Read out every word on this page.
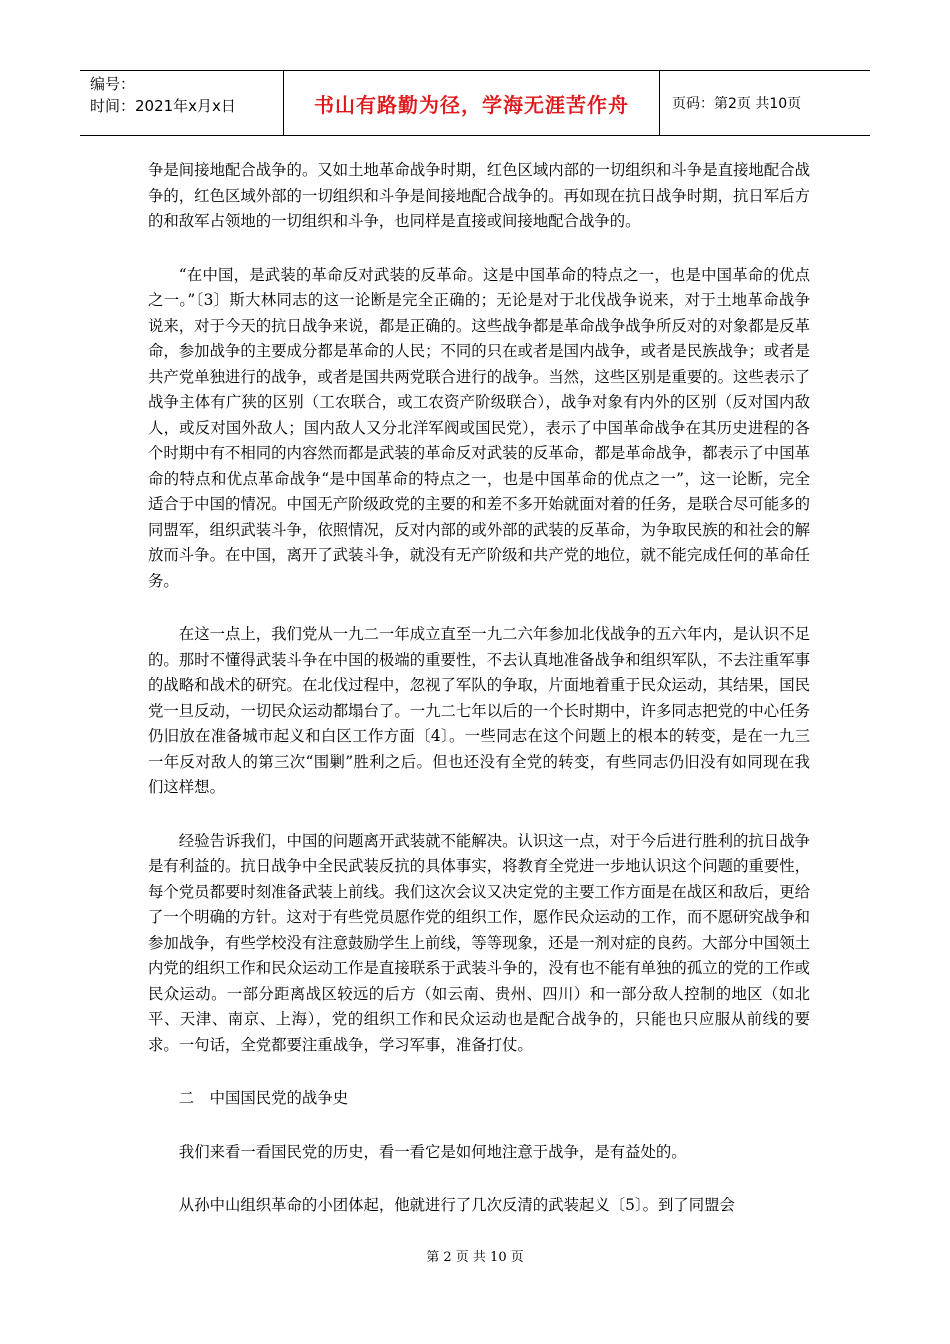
编号：
时间：2021年x月x日	书山有路勤为径，学海无涯苦作舟	页码：第2页 共10页

争是间接地配合战争的。又如土地革命战争时期，红色区域内部的一切组织和斗争是直接地配合战争的，红色区域外部的一切组织和斗争是间接地配合战争的。再如现在抗日战争时期，抗日军后方的和敌军占领地的一切组织和斗争，也同样是直接或间接地配合战争的。

“在中国，是武装的革命反对武装的反革命。这是中国革命的特点之一，也是中国革命的优点之一。”〔3〕斯大林同志的这一论断是完全正确的；无论是对于北伐战争说来，对于土地革命战争说来，对于今天的抗日战争来说，都是正确的。这些战争都是革命战争战争所反对的对象都是反革命，参加战争的主要成分都是革命的人民；不同的只在或者是国内战争，或者是民族战争；或者是共产党单独进行的战争，或者是国共两党联合进行的战争。当然，这些区别是重要的。这些表示了战争主体有广狭的区别（工农联合，或工农资产阶级联合），战争对象有内外的区别（反对国内敌人，或反对国外敌人；国内敌人又分北洋军阀或国民党），表示了中国革命战争在其历史进程的各个时期中有不相同的内容然而都是武装的革命反对武装的反革命，都是革命战争，都表示了中国革命的特点和优点革命战争“是中国革命的特点之一，也是中国革命的优点之一”，这一论断，完全适合于中国的情况。中国无产阶级政党的主要的和差不多开始就面对着的任务，是联合尽可能多的同盟军，组织武装斗争，依照情况，反对内部的或外部的武装的反革命，为争取民族的和社会的解放而斗争。在中国，离开了武装斗争，就没有无产阶级和共产党的地位，就不能完成任何的革命任务。

在这一点上，我们党从一九二一年成立直至一九二六年参加北伐战争的五六年内，是认识不足的。那时不懂得武装斗争在中国的极端的重要性，不去认真地准备战争和组织军队，不去注重军事的战略和战术的研究。在北伐过程中，忽视了军队的争取，片面地着重于民众运动，其结果，国民党一旦反动，一切民众运动都塌台了。一九二七年以后的一个长时期中，许多同志把党的中心任务仍旧放在准备城市起义和白区工作方面〔4〕。一些同志在这个问题上的根本的转变，是在一九三一年反对敌人的第三次“围剿”胜利之后。但也还没有全党的转变，有些同志仍旧没有如同现在我们这样想。

经验告诉我们，中国的问题离开武装就不能解决。认识这一点，对于今后进行胜利的抗日战争是有利益的。抗日战争中全民武装反抗的具体事实，将教育全党进一步地认识这个问题的重要性，每个党员都要时刻准备武装上前线。我们这次会议又决定党的主要工作方面是在战区和敌后，更给了一个明确的方针。这对于有些党员愿作党的组织工作，愿作民众运动的工作，而不愿研究战争和参加战争，有些学校没有注意鼓励学生上前线，等等现象，还是一剂对症的良药。大部分中国领土内党的组织工作和民众运动工作是直接联系于武装斗争的，没有也不能有单独的孤立的党的工作或民众运动。一部分距离战区较远的后方（如云南、贵州、四川）和一部分敌人控制的地区（如北平、天津、南京、上海），党的组织工作和民众运动也是配合战争的，只能也只应服从前线的要求。一句话，全党都要注重战争，学习军事，准备打仗。

二　中国国民党的战争史

我们来看一看国民党的历史，看一看它是如何地注意于战争，是有益处的。

从孙中山组织革命的小团体起，他就进行了几次反清的武装起义〔5〕。到了同盟会

第 2 页 共 10 页
